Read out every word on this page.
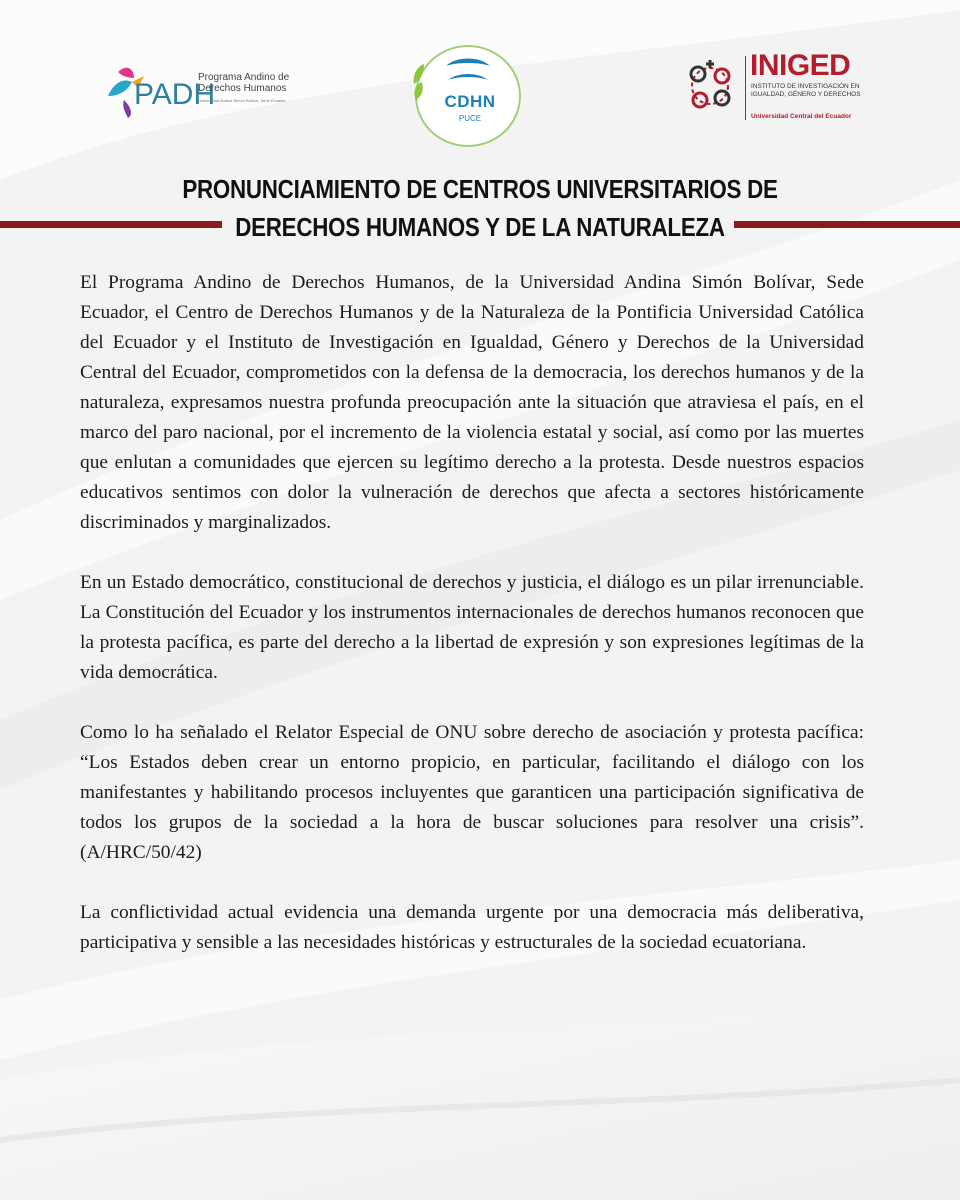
PADH
Programa Andino de Derechos Humanos
Universidad Andina Simón Bolívar, Sede Ecuador	CDHN
PUCE
INIGED
INSTITUTO DE INVESTIGACIÓN EN IGUALDAD, GÉNERO Y DERECHOS
Universidad Central del Ecuador
PRONUNCIAMIENTO DE CENTROS UNIVERSITARIOS DE
DERECHOS HUMANOS Y DE LA NATURALEZA

El Programa Andino de Derechos Humanos, de la Universidad Andina Simón Bolívar, Sede Ecuador, el Centro de Derechos Humanos y de la Naturaleza de la Pontificia Universidad Católica del Ecuador y el Instituto de Investigación en Igualdad, Género y Derechos de la Universidad Central del Ecuador, comprometidos con la defensa de la democracia, los derechos humanos y de la naturaleza, expresamos nuestra profunda preocupación ante la situación que atraviesa el país, en el marco del paro nacional, por el incremento de la violencia estatal y social, así como por las muertes que enlutan a comunidades que ejercen su legítimo derecho a la protesta. Desde nuestros espacios educativos sentimos con dolor la vulneración de derechos que afecta a sectores históricamente discriminados y marginalizados.

En un Estado democrático, constitucional de derechos y justicia, el diálogo es un pilar irrenunciable. La Constitución del Ecuador y los instrumentos internacionales de derechos humanos reconocen que la protesta pacífica, es parte del derecho a la libertad de expresión y son expresiones legítimas de la vida democrática.

Como lo ha señalado el Relator Especial de ONU sobre derecho de asociación y protesta pacífica: “Los Estados deben crear un entorno propicio, en particular, facilitando el diálogo con los manifestantes y habilitando procesos incluyentes que garanticen una participación significativa de todos los grupos de la sociedad a la hora de buscar soluciones para resolver una crisis”. (A/HRC/50/42)

La conflictividad actual evidencia una demanda urgente por una democracia más deliberativa, participativa y sensible a las necesidades históricas y estructurales de la sociedad ecuatoriana.
